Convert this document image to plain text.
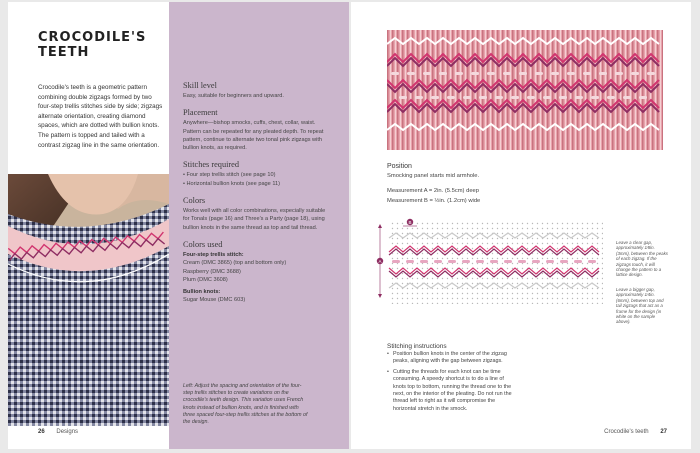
CROCODILE'S TEETH
Crocodile's teeth is a geometric pattern combining double zigzags formed by two four-step trellis stitches side by side; zigzags alternate orientation, creating diamond spaces, which are dotted with bullion knots. The pattern is topped and tailed with a contrast zigzag line in the same orientation.
26 Designs
Skill level
Easy, suitable for beginners and upward.
Placement
Anywhere—bishop smocks, cuffs, chest, collar, waist. Pattern can be repeated for any pleated depth. To repeat pattern, continue to alternate two tonal pink zigzags with bullion knots, as required.
Stitches required
• Four step trellis stitch (see page 10)
• Horizontal bullion knots (see page 11)
Colors
Works well with all color combinations, especially suitable for Tonals (page 16) and Three's a Party (page 18), using bullion knots in the same thread as top and tail thread.
Colors used
Four-step trellis stitch:
Cream (DMC 3865) (top and bottom only)
Raspberry (DMC 3688)
Plum (DMC 3608)
Bullion knots:
Sugar Mouse (DMC 603)
Left: Adjust the spacing and orientation of the four-step trellis stitches to create variations on the crocodile's teeth design. This variation uses French knots instead of bullion knots, and is finished with three spaced four-step trellis stitches at the bottom of the design.
Position
Smocking panel starts mid armhole.
Measurement A = 2in. (5.5cm) deep
Measurement B = ½in. (1.2cm) wide
A
B
Leave a clear gap, approximately 1⁄8in. (3mm), between the peaks of each zigzag. If the zigzags touch, it will change the pattern to a lattice design.
Leave a bigger gap, approximately 1⁄4in. (6mm), between top and tail zigzags that act as a frame for the design (in white on the sample above).
Stitching instructions
• Position bullion knots in the center of the zigzag peaks, aligning with the gap between zigzags.
• Cutting the threads for each knot can be time consuming. A speedy shortcut is to do a line of knots top to bottom, running the thread one to the next, on the interior of the pleating. Do not run the thread left to right as it will compromise the horizontal stretch in the smock.
Crocodile's teeth 27
